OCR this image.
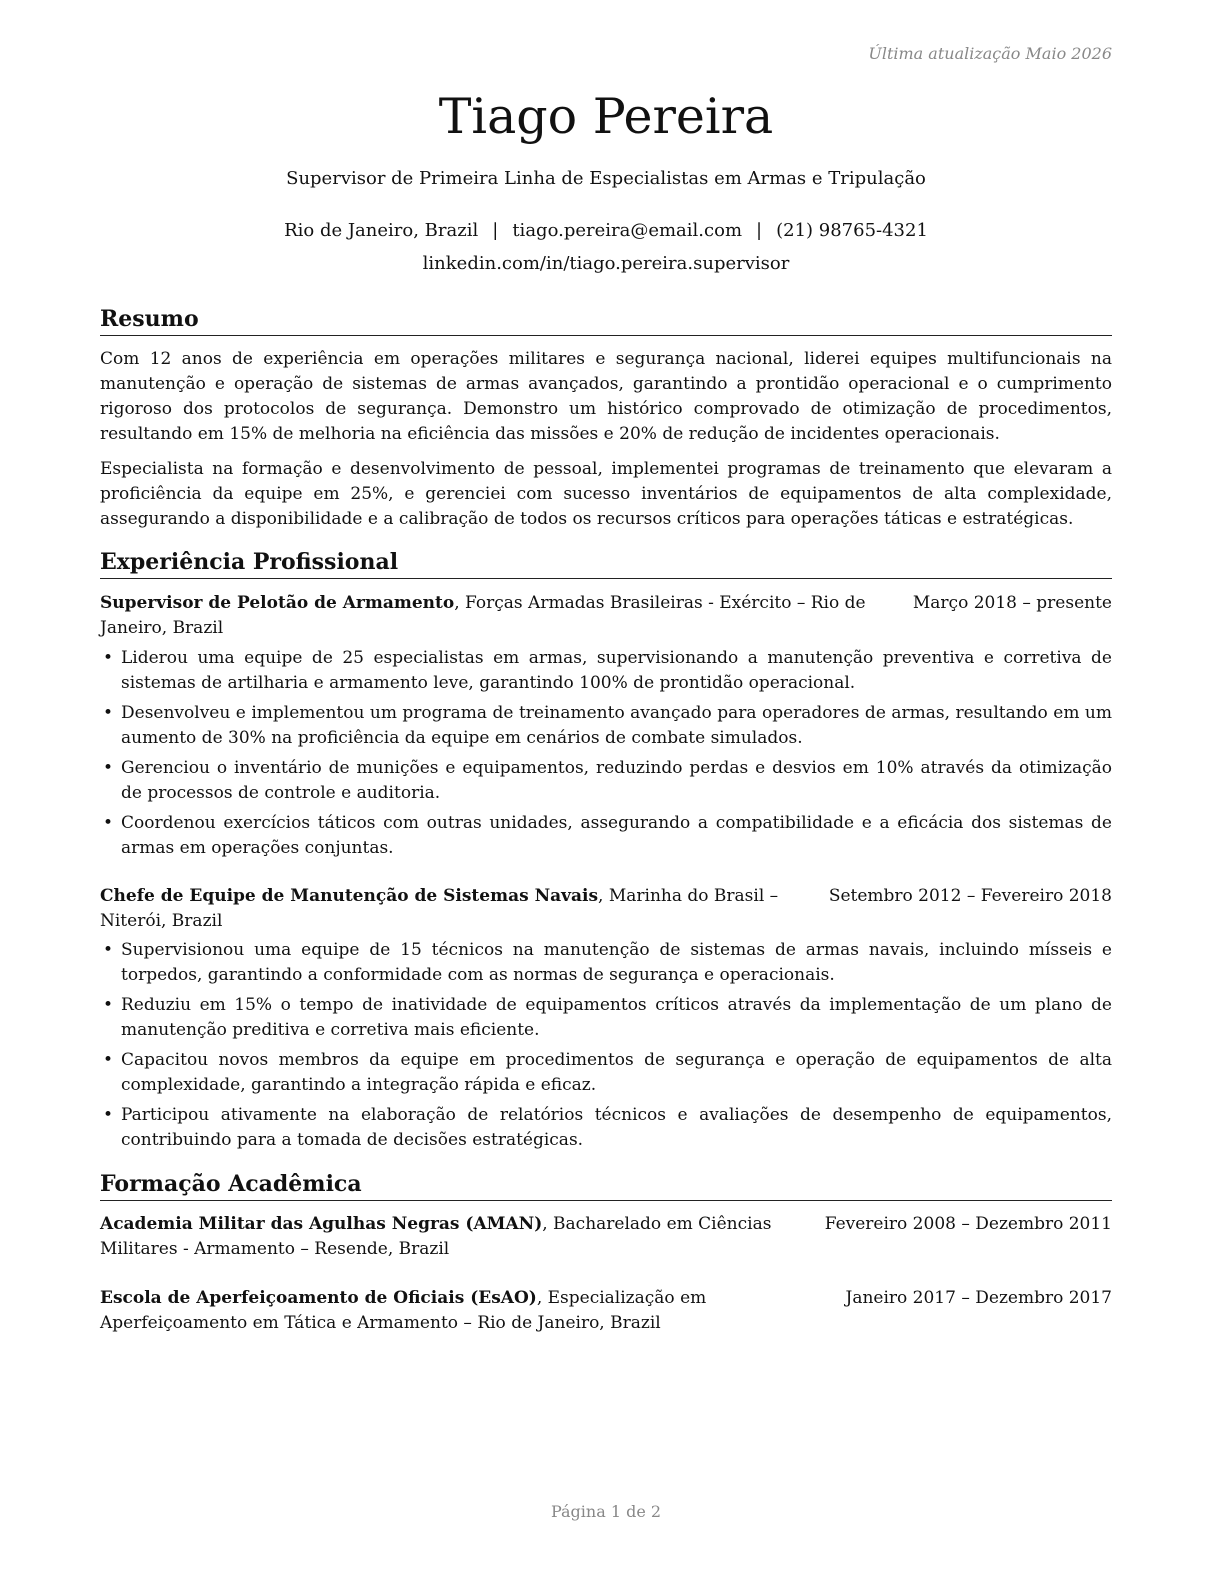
Última atualização Maio 2026
Tiago Pereira
Supervisor de Primeira Linha de Especialistas em Armas e Tripulação
Rio de Janeiro, Brazil | tiago.pereira@email.com | (21) 98765-4321
linkedin.com/in/tiago.pereira.supervisor
Resumo
Com 12 anos de experiência em operações militares e segurança nacional, liderei equipes multifuncionais na manutenção e operação de sistemas de armas avançados, garantindo a prontidão operacional e o cumprimento rigoroso dos protocolos de segurança. Demonstro um histórico comprovado de otimização de procedimentos, resultando em 15% de melhoria na eficiência das missões e 20% de redução de incidentes operacionais.
Especialista na formação e desenvolvimento de pessoal, implementei programas de treinamento que elevaram a proficiência da equipe em 25%, e gerenciei com sucesso inventários de equipamentos de alta complexidade, assegurando a disponibilidade e a calibração de todos os recursos críticos para operações táticas e estratégicas.
Experiência Profissional
Março 2018 – presente
Supervisor de Pelotão de Armamento, Forças Armadas Brasileiras - Exército – Rio de Janeiro, Brazil
• Liderou uma equipe de 25 especialistas em armas, supervisionando a manutenção preventiva e corretiva de sistemas de artilharia e armamento leve, garantindo 100% de prontidão operacional.
• Desenvolveu e implementou um programa de treinamento avançado para operadores de armas, resultando em um aumento de 30% na proficiência da equipe em cenários de combate simulados.
• Gerenciou o inventário de munições e equipamentos, reduzindo perdas e desvios em 10% através da otimização de processos de controle e auditoria.
• Coordenou exercícios táticos com outras unidades, assegurando a compatibilidade e a eficácia dos sistemas de armas em operações conjuntas.
Setembro 2012 – Fevereiro 2018
Chefe de Equipe de Manutenção de Sistemas Navais, Marinha do Brasil – Niterói, Brazil
• Supervisionou uma equipe de 15 técnicos na manutenção de sistemas de armas navais, incluindo mísseis e torpedos, garantindo a conformidade com as normas de segurança e operacionais.
• Reduziu em 15% o tempo de inatividade de equipamentos críticos através da implementação de um plano de manutenção preditiva e corretiva mais eficiente.
• Capacitou novos membros da equipe em procedimentos de segurança e operação de equipamentos de alta complexidade, garantindo a integração rápida e eficaz.
• Participou ativamente na elaboração de relatórios técnicos e avaliações de desempenho de equipamentos, contribuindo para a tomada de decisões estratégicas.
Formação Acadêmica
Fevereiro 2008 – Dezembro 2011
Academia Militar das Agulhas Negras (AMAN), Bacharelado em Ciências Militares - Armamento – Resende, Brazil
Janeiro 2017 – Dezembro 2017
Escola de Aperfeiçoamento de Oficiais (EsAO), Especialização em Aperfeiçoamento em Tática e Armamento – Rio de Janeiro, Brazil
Página 1 de 2
